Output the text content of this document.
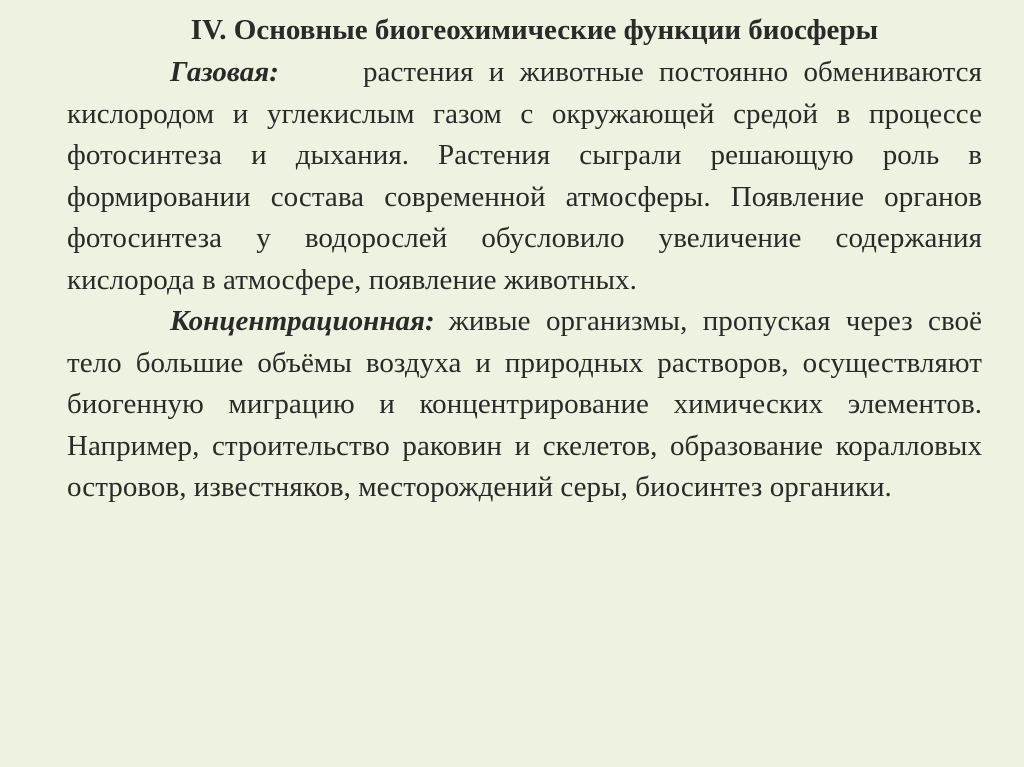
IV. Основные биогеохимические функции биосферы

Газовая:	растения и животные постоянно обмениваются кислородом и углекислым газом с окружающей средой в процессе фотосинтеза и дыхания. Растения сыграли решающую роль в формировании состава современной атмосферы. Появление органов фотосинтеза у водорослей обусловило увеличение содержания кислорода в атмосфере, появление животных.

Концентрационная: живые организмы, пропуская через своё тело большие объёмы воздуха и природных растворов, осуществляют биогенную миграцию и концентрирование химических элементов. Например, строительство раковин и скелетов, образование коралловых островов, известняков, месторождений серы, биосинтез органики.
